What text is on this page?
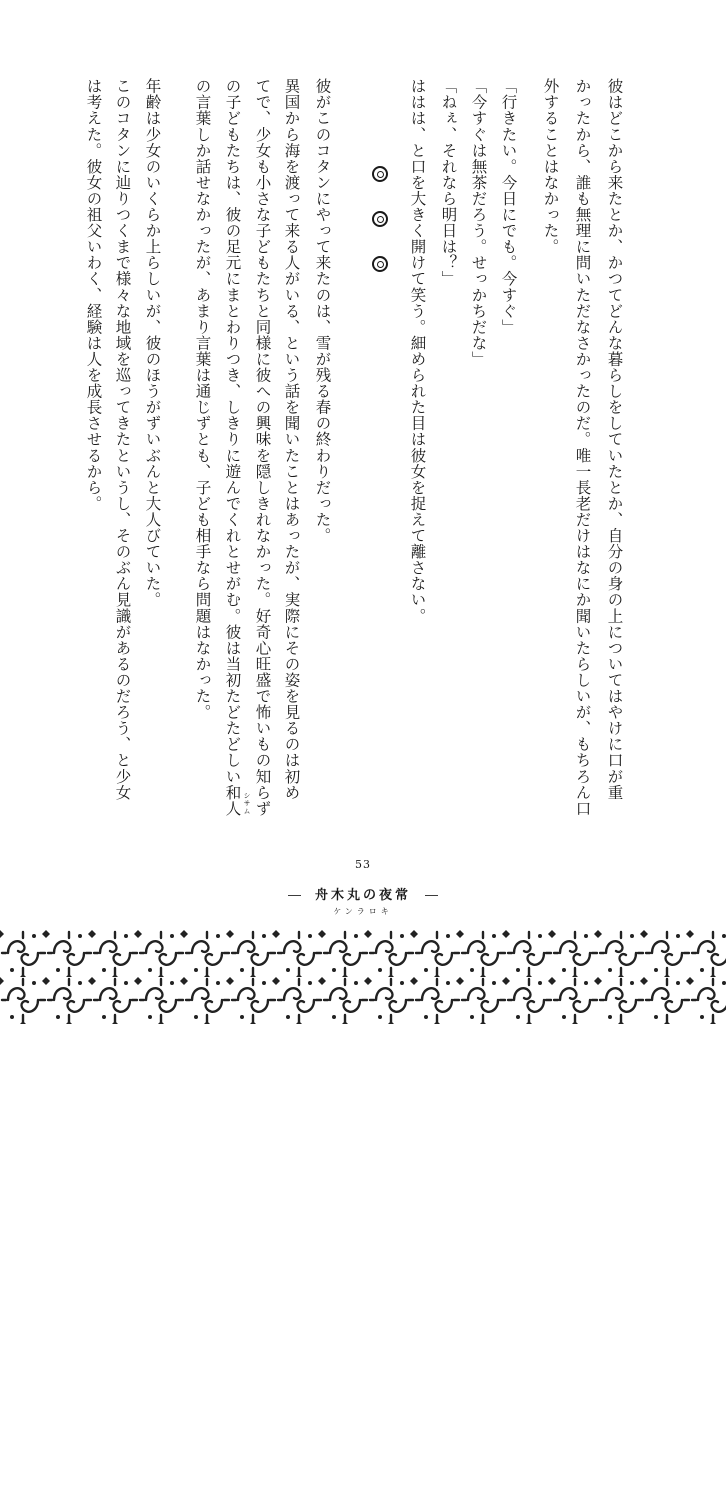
彼はどこから来たとか、かつてどんな暮らしをしていたとか、自分の身の上についてはやけに口が重
かったから、誰も無理に問いただなさかったのだ。唯一長老だけはなにか聞いたらしいが、もちろん口
外することはなかった。
「行きたい。今日にでも。今すぐ」
「今すぐは無茶だろう。せっかちだな」
「ねぇ、それなら明日は？」
ははは、と口を大きく開けて笑う。細められた目は彼女を捉えて離さない。
彼がこのコタンにやって来たのは、雪が残る春の終わりだった。
異国から海を渡って来る人がいる、という話を聞いたことはあったが、実際にその姿を見るのは初め
てで、少女も小さな子どもたちと同様に彼への興味を隠しきれなかった。好奇心旺盛で怖いもの知らず
の子どもたちは、彼の足元にまとわりつき、しきりに遊んでくれとせがむ。彼は当初たどたどしい和人 シサム
の言葉しか話せなかったが、あまり言葉は通じずとも、子ども相手なら問題はなかった。
年齢は少女のいくらか上らしいが、彼のほうがずいぶんと大人びていた。
このコタンに辿りつくまで様々な地域を巡ってきたというし、そのぶん見識があるのだろう、と少女
は考えた。彼女の祖父いわく、経験は人を成長させるから。
53
― 舟木丸の夜常 ―
ケンラロキ
